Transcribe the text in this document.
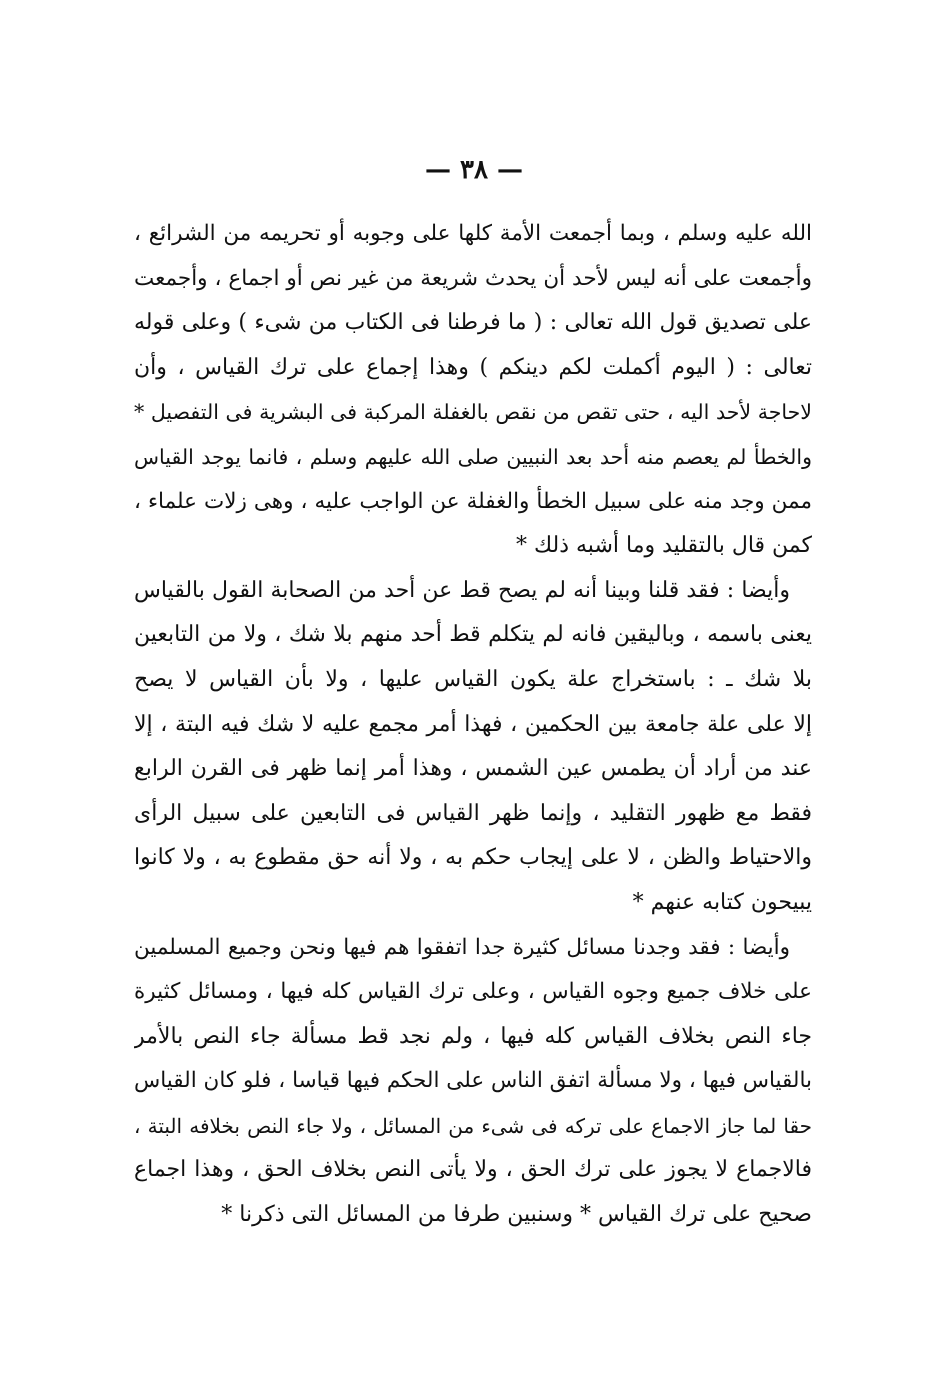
— ٣٨ —
الله عليه وسلم ، وبما أجمعت الأمة كلها على وجوبه أو تحريمه من الشرائع ،
وأجمعت على أنه ليس لأحد أن يحدث شريعة من غير نص أو اجماع ، وأجمعت
على تصديق قول الله تعالى : ( ما فرطنا فى الكتاب من شىء ) وعلى قوله
تعالى : ( اليوم أكملت لكم دينكم ) وهذا إجماع على ترك القياس ، وأن
لاحاجة لأحد اليه ، حتى تقص من نقص بالغفلة المركبة فى البشرية فى التفصيل *
والخطأ لم يعصم منه أحد بعد النبيين صلى الله عليهم وسلم ، فانما يوجد القياس
ممن وجد منه على سبيل الخطأ والغفلة عن الواجب عليه ، وهى زلات علماء ،
كمن قال بالتقليد وما أشبه ذلك *
وأيضا : فقد قلنا وبينا أنه لم يصح قط عن أحد من الصحابة القول بالقياس
يعنى باسمه ، وباليقين فانه لم يتكلم قط أحد منهم بلا شك ، ولا من التابعين
بلا شك ـ : باستخراج علة يكون القياس عليها ، ولا بأن القياس لا يصح
إلا على علة جامعة بين الحكمين ، فهذا أمر مجمع عليه لا شك فيه البتة ، إلا
عند من أراد أن يطمس عين الشمس ، وهذا أمر إنما ظهر فى القرن الرابع
فقط مع ظهور التقليد ، وإنما ظهر القياس فى التابعين على سبيل الرأى
والاحتياط والظن ، لا على إيجاب حكم به ، ولا أنه حق مقطوع به ، ولا كانوا
يبيحون كتابه عنهم *
وأيضا : فقد وجدنا مسائل كثيرة جدا اتفقوا هم فيها ونحن وجميع المسلمين
على خلاف جميع وجوه القياس ، وعلى ترك القياس كله فيها ، ومسائل كثيرة
جاء النص بخلاف القياس كله فيها ، ولم نجد قط مسألة جاء النص بالأمر
بالقياس فيها ، ولا مسألة اتفق الناس على الحكم فيها قياسا ، فلو كان القياس
حقا لما جاز الاجماع على تركه فى شىء من المسائل ، ولا جاء النص بخلافه البتة ،
فالاجماع لا يجوز على ترك الحق ، ولا يأتى النص بخلاف الحق ، وهذا اجماع
صحيح على ترك القياس * وسنبين طرفا من المسائل التى ذكرنا *
